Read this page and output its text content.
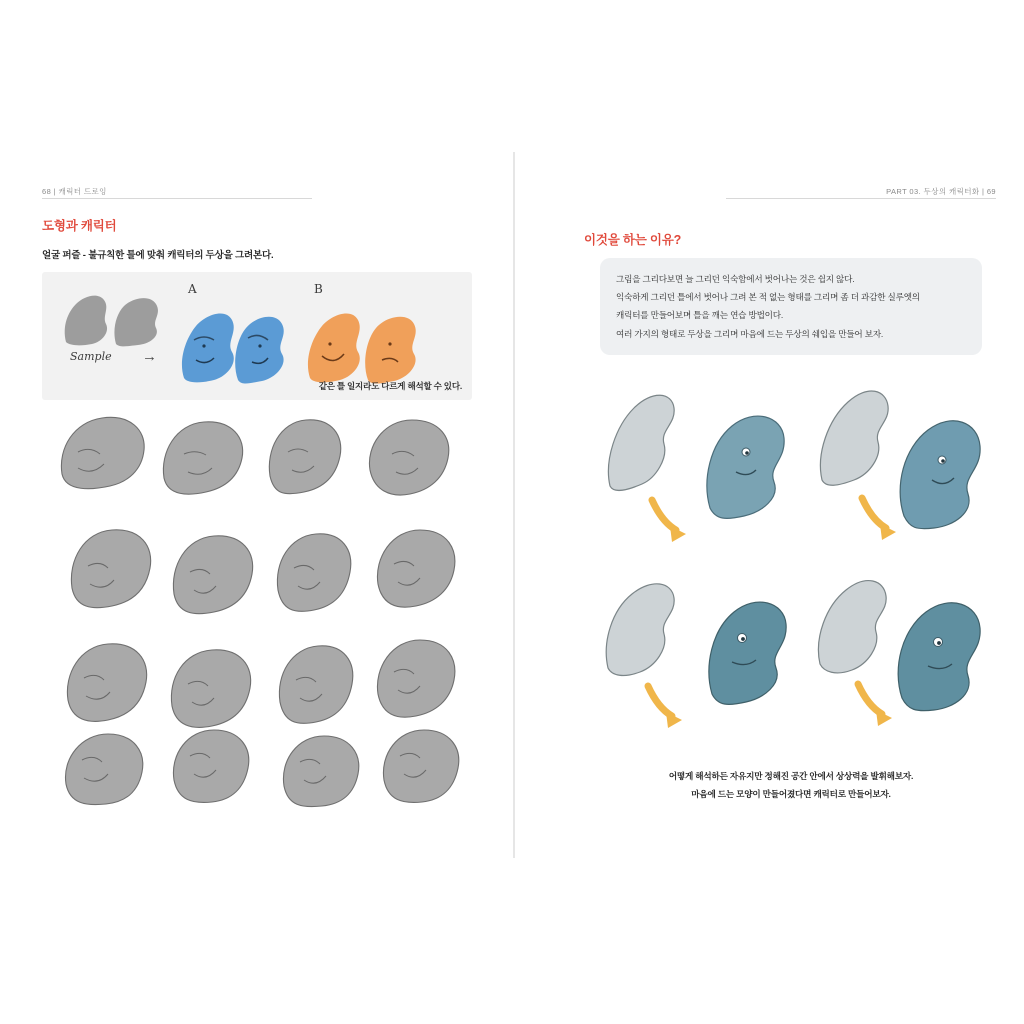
68 | 캐릭터 드로잉
도형과 캐릭터

얼굴 퍼즐 - 불규칙한 틀에 맞춰 캐릭터의 두상을 그려본다.

Sample →
A	B
같은 틀 일지라도 다르게 해석할 수 있다.
PART 03. 두상의 캐릭터화 | 69
이것을 하는 이유?

그림을 그리다보면 늘 그리던 익숙함에서 벗어나는 것은 쉽지 않다.

익숙하게 그리던 틀에서 벗어나 그려 본 적 없는 형태를 그리며 좀 더 과감한 실루엣의

캐릭터를 만들어보며 틀을 깨는 연습 방법이다.

여러 가지의 형태로 두상을 그리며 마음에 드는 두상의 쉐입을 만들어 보자.

어떻게 해석하든 자유지만 정해진 공간 안에서 상상력을 발휘해보자.

마음에 드는 모양이 만들어졌다면 캐릭터로 만들어보자.
